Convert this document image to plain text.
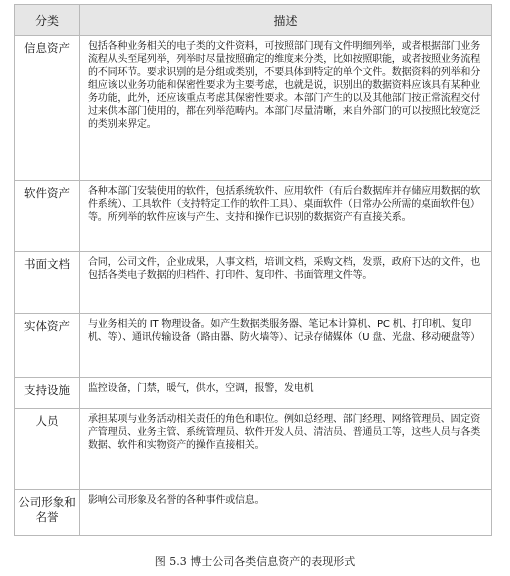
分类	描述
信息资产	包括各种业务相关的电子类的文件资料，可按照部门现有文件明细列举，或者根据部门业务流程从头至尾列举，列举时尽量按照确定的维度来分类，比如按照职能，或者按照业务流程的不同环节。要求识别的是分组或类别，不要具体到特定的单个文件。数据资料的列举和分组应该以业务功能和保密性要求为主要考虑，也就是说，识别出的数据资料应该具有某种业务功能，此外，还应该重点考虑其保密性要求。本部门产生的以及其他部门按正常流程交付过来供本部门使用的，都在列举范畴内。本部门尽量清晰，来自外部门的可以按照比较宽泛的类别来界定。
软件资产	各种本部门安装使用的软件，包括系统软件、应用软件（有后台数据库并存储应用数据的软件系统）、工具软件（支持特定工作的软件工具）、桌面软件（日常办公所需的桌面软件包）等。所列举的软件应该与产生、支持和操作已识别的数据资产有直接关系。
书面文档	合同，公司文件，企业成果，人事文档，培训文档，采购文档，发票，政府下达的文件，也包括各类电子数据的归档件、打印件、复印件、书面管理文件等。
实体资产	与业务相关的 IT 物理设备。如产生数据类服务器、笔记本计算机、PC 机、打印机、复印机、等）、通讯传输设备（路由器、防火墙等）、记录存储媒体（U 盘、光盘、移动硬盘等）
支持设施	监控设备，门禁，暖气，供水，空调，报警，发电机
人员	承担某项与业务活动相关责任的角色和职位。例如总经理、部门经理、网络管理员、固定资产管理员、业务主管、系统管理员、软件开发人员、清洁员、普通员工等，这些人员与各类数据、软件和实物资产的操作直接相关。
公司形象和名誉	影响公司形象及名誉的各种事件或信息。
图 5.3 博士公司各类信息资产的表现形式
